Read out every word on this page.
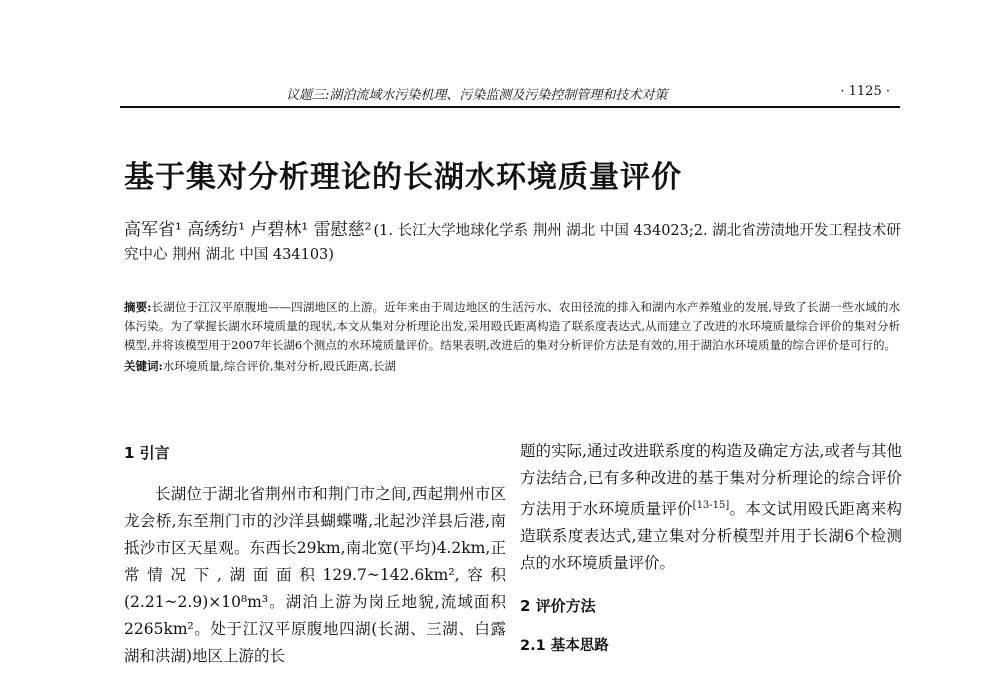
议题三:湖泊流域水污染机理、污染监测及污染控制管理和技术对策	· 1125 ·
基于集对分析理论的长湖水环境质量评价
高军省¹ 高绣纺¹ 卢碧林¹ 雷慰慈² (1. 长江大学地球化学系 荆州 湖北 中国 434023;2. 湖北省涝渍地开发工程技术研究中心 荆州 湖北 中国 434103)
摘要:长湖位于江汉平原腹地——四湖地区的上游。近年来由于周边地区的生活污水、农田径流的排入和湖内水产养殖业的发展,导致了长湖一些水域的水体污染。为了掌握长湖水环境质量的现状,本文从集对分析理论出发,采用殴氏距离构造了联系度表达式,从而建立了改进的水环境质量综合评价的集对分析模型,并将该模型用于2007年长湖6个测点的水环境质量评价。结果表明,改进后的集对分析评价方法是有效的,用于湖泊水环境质量的综合评价是可行的。
关键词:水环境质量,综合评价,集对分析,殴氏距离,长湖
1 引言

长湖位于湖北省荆州市和荆门市之间,西起荆州市区龙会桥,东至荆门市的沙洋县蝴蝶嘴,北起沙洋县后港,南抵沙市区天星观。东西长29km,南北宽(平均)4.2km,正常情况下,湖面面积129.7~142.6km²,容积(2.21~2.9)×10⁸m³。湖泊上游为岗丘地貌,流域面积2265km²。处于江汉平原腹地四湖(长湖、三湖、白露湖和洪湖)地区上游的长

题的实际,通过改进联系度的构造及确定方法,或者与其他方法结合,已有多种改进的基于集对分析理论的综合评价方法用于水环境质量评价[13-15]。本文试用殴氏距离来构造联系度表达式,建立集对分析模型并用于长湖6个检测点的水环境质量评价。

2 评价方法
2.1 基本思路
